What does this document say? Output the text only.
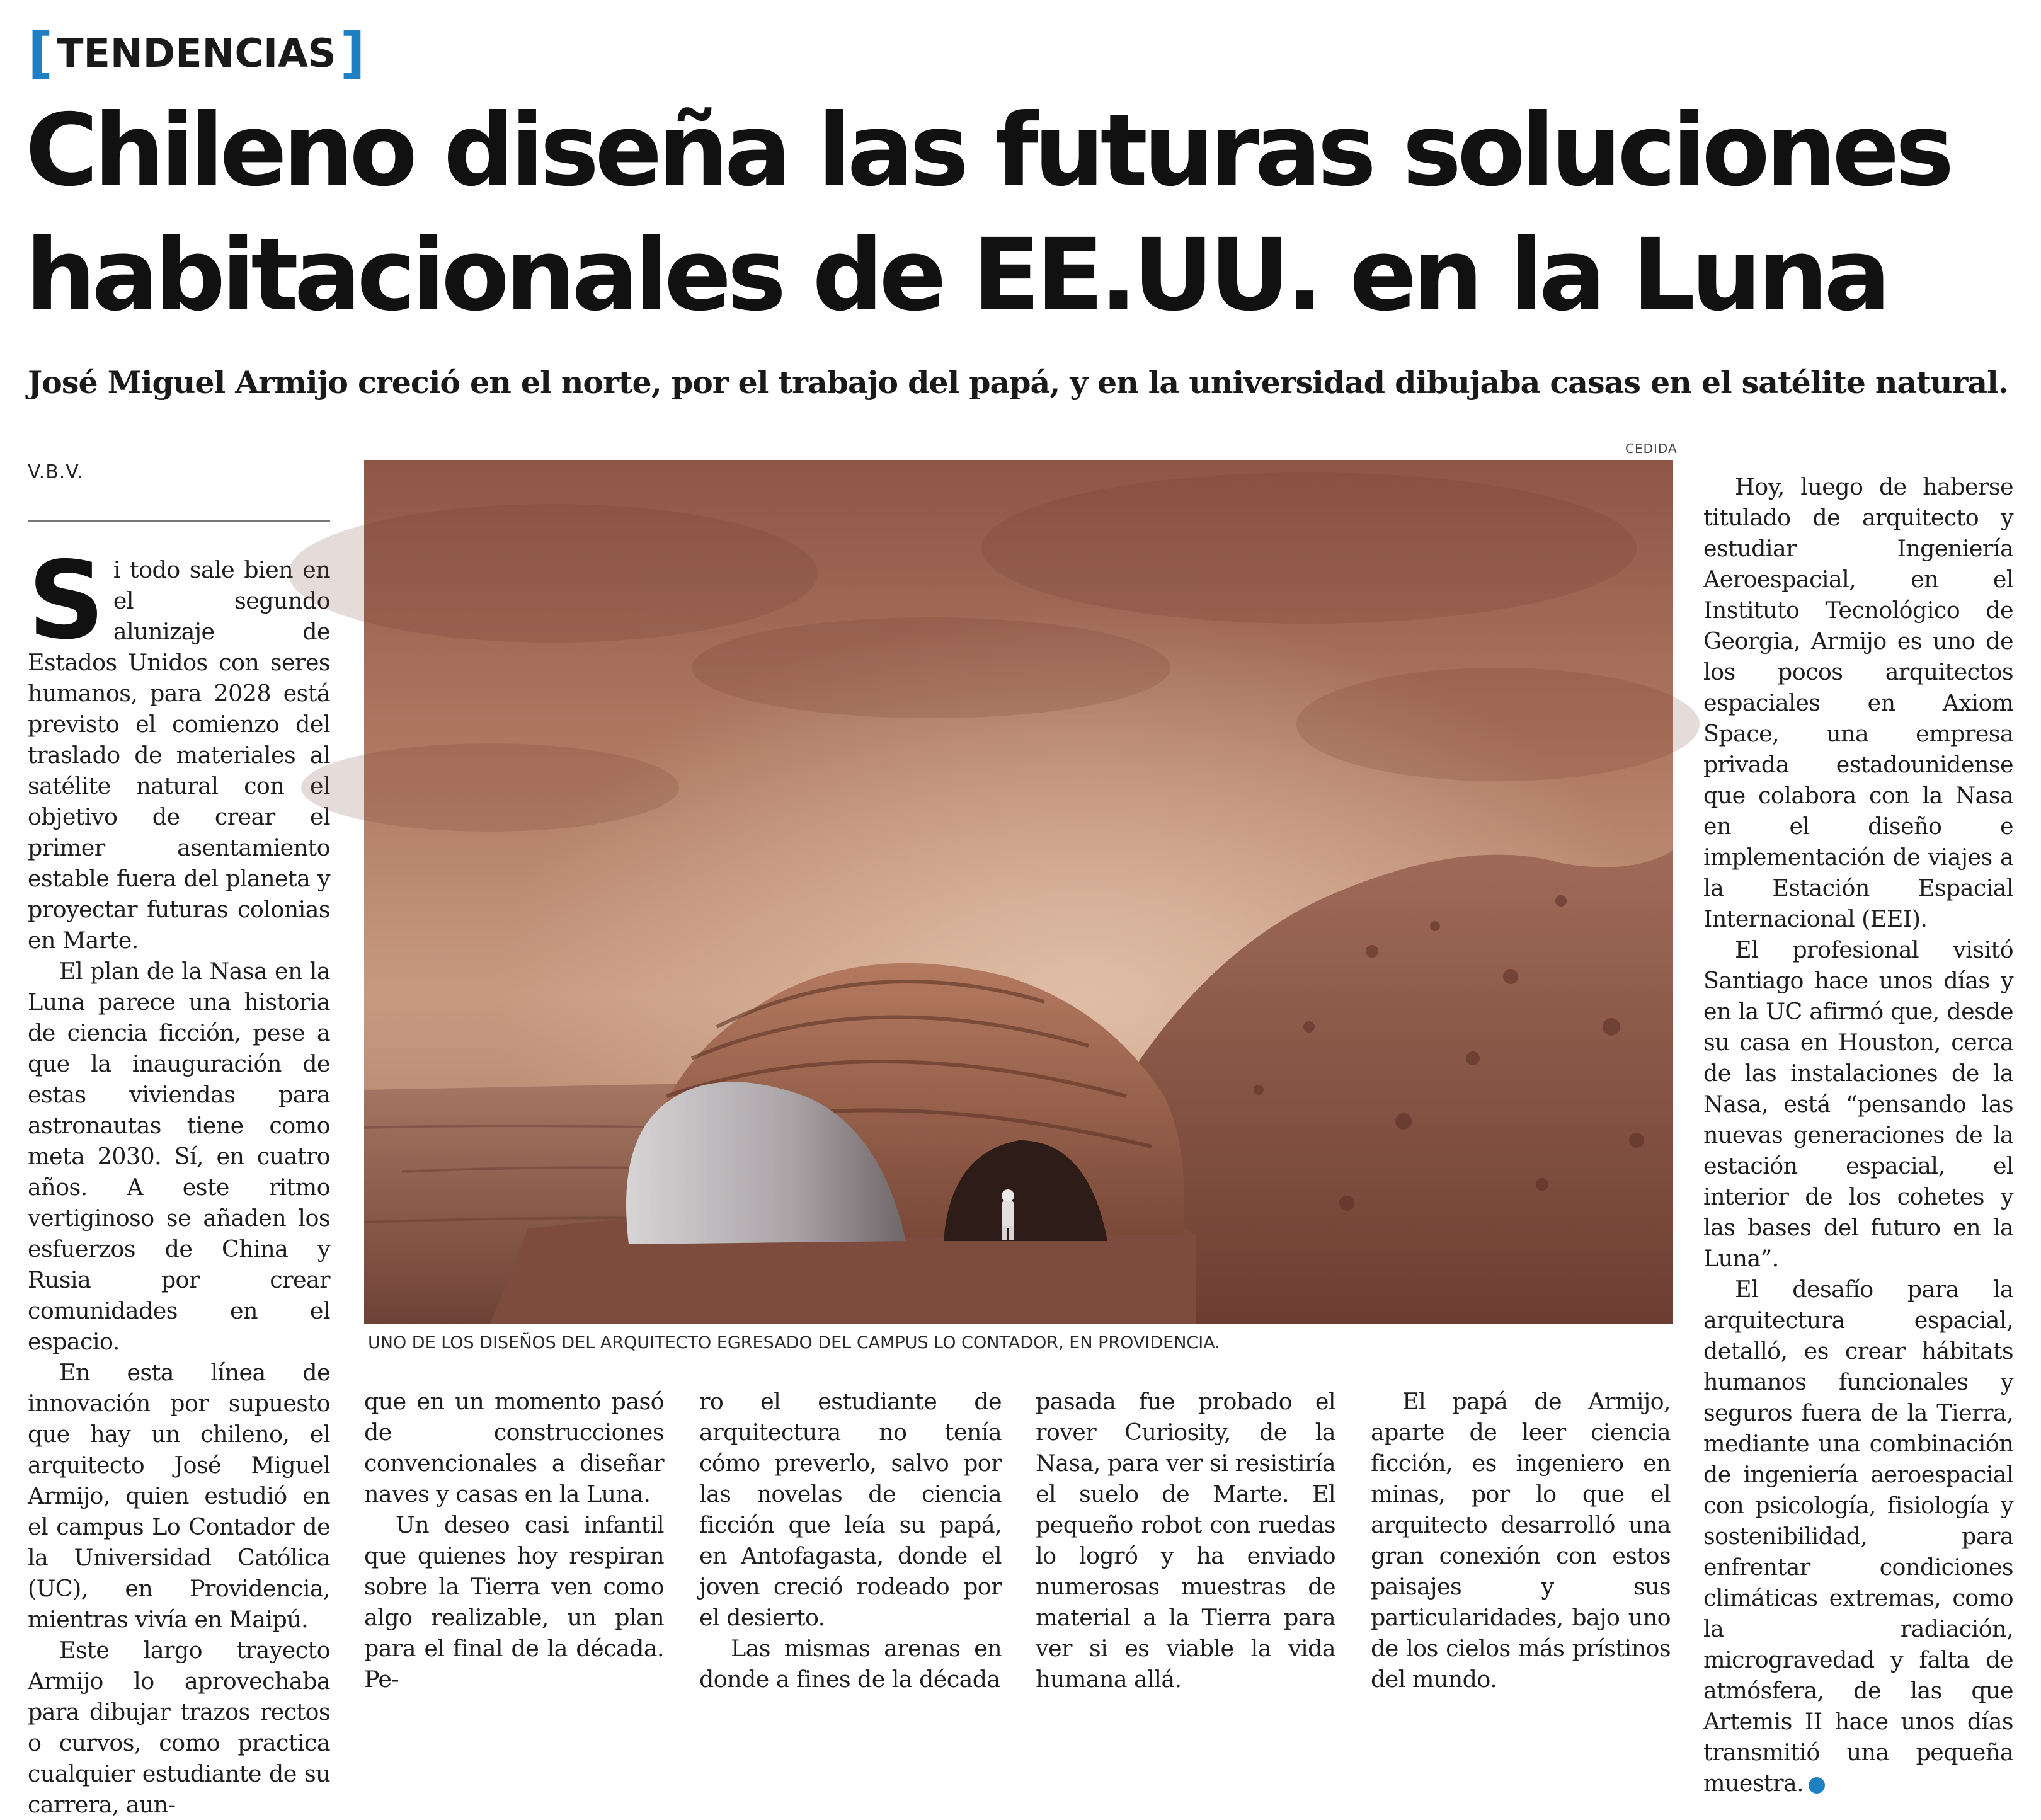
[ TENDENCIAS ]
Chileno diseña las futuras soluciones
habitacionales de EE.UU. en la Luna
José Miguel Armijo creció en el norte, por el trabajo del papá, y en la universidad dibujaba casas en el satélite natural.
V.B.V.

Si todo sale bien en el segundo alunizaje de Estados Unidos con seres humanos, para 2028 está previsto el comienzo del traslado de materiales al satélite natural con el objetivo de crear el primer asentamiento estable fuera del planeta y proyectar futuras colonias en Marte.

El plan de la Nasa en la Luna parece una historia de ciencia ficción, pese a que la inauguración de estas viviendas para astronautas tiene como meta 2030. Sí, en cuatro años. A este ritmo vertiginoso se añaden los esfuerzos de China y Rusia por crear comunidades en el espacio.

En esta línea de innovación por supuesto que hay un chileno, el arquitecto José Miguel Armijo, quien estudió en el campus Lo Contador de la Universidad Católica (UC), en Providencia, mientras vivía en Maipú.

Este largo trayecto Armijo lo aprovechaba para dibujar trazos rectos o curvos, como practica cualquier estudiante de su carrera, aun-

CEDIDA
UNO DE LOS DISEÑOS DEL ARQUITECTO EGRESADO DEL CAMPUS LO CONTADOR, EN PROVIDENCIA.

que en un momento pasó de construcciones convencionales a diseñar naves y casas en la Luna.

Un deseo casi infantil que quienes hoy respiran sobre la Tierra ven como algo realizable, un plan para el final de la década. Pe-

ro el estudiante de arquitectura no tenía cómo preverlo, salvo por las novelas de ciencia ficción que leía su papá, en Antofagasta, donde el joven creció rodeado por el desierto.

Las mismas arenas en donde a fines de la década

pasada fue probado el rover Curiosity, de la Nasa, para ver si resistiría el suelo de Marte. El pequeño robot con ruedas lo logró y ha enviado numerosas muestras de material a la Tierra para ver si es viable la vida humana allá.

El papá de Armijo, aparte de leer ciencia ficción, es ingeniero en minas, por lo que el arquitecto desarrolló una gran conexión con estos paisajes y sus particularidades, bajo uno de los cielos más prístinos del mundo.

Hoy, luego de haberse titulado de arquitecto y estudiar Ingeniería Aeroespacial, en el Instituto Tecnológico de Georgia, Armijo es uno de los pocos arquitectos espaciales en Axiom Space, una empresa privada estadounidense que colabora con la Nasa en el diseño e implementación de viajes a la Estación Espacial Internacional (EEI).

El profesional visitó Santiago hace unos días y en la UC afirmó que, desde su casa en Houston, cerca de las instalaciones de la Nasa, está “pensando las nuevas generaciones de la estación espacial, el interior de los cohetes y las bases del futuro en la Luna”.

El desafío para la arquitectura espacial, detalló, es crear hábitats humanos funcionales y seguros fuera de la Tierra, mediante una combinación de ingeniería aeroespacial con psicología, fisiología y sostenibilidad, para enfrentar condiciones climáticas extremas, como la radiación, microgravedad y falta de atmósfera, de las que Artemis II hace unos días transmitió una pequeña muestra.	✪
